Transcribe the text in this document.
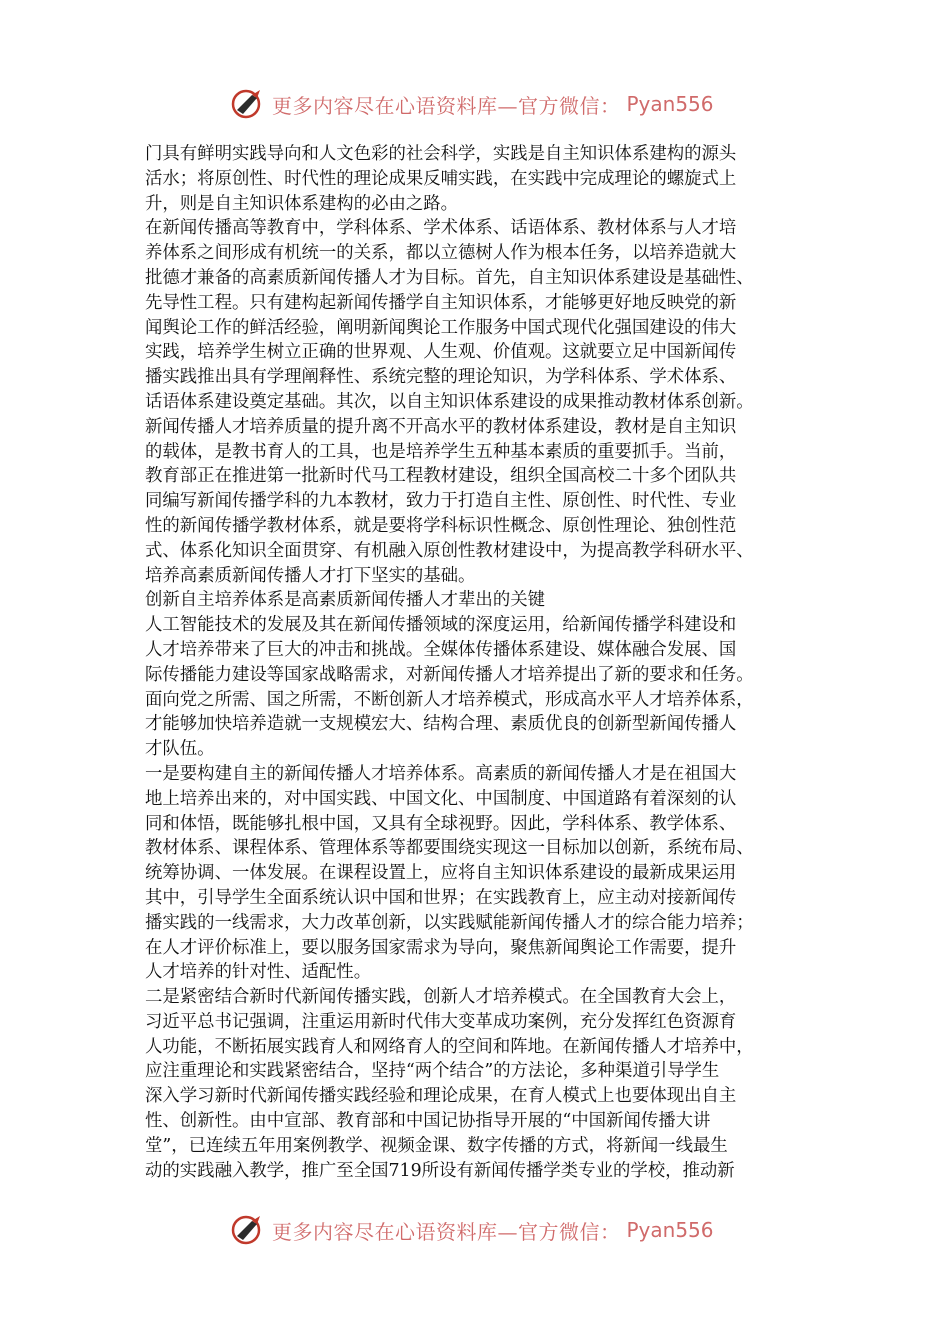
更多内容尽在心语资料库—官方微信： Pyan556
门具有鲜明实践导向和人文色彩的社会科学，实践是自主知识体系建构的源头
活水；将原创性、时代性的理论成果反哺实践，在实践中完成理论的螺旋式上
升，则是自主知识体系建构的必由之路。
在新闻传播高等教育中，学科体系、学术体系、话语体系、教材体系与人才培
养体系之间形成有机统一的关系，都以立德树人作为根本任务，以培养造就大
批德才兼备的高素质新闻传播人才为目标。首先，自主知识体系建设是基础性、
先导性工程。只有建构起新闻传播学自主知识体系，才能够更好地反映党的新
闻舆论工作的鲜活经验，阐明新闻舆论工作服务中国式现代化强国建设的伟大
实践，培养学生树立正确的世界观、人生观、价值观。这就要立足中国新闻传
播实践推出具有学理阐释性、系统完整的理论知识，为学科体系、学术体系、
话语体系建设奠定基础。其次，以自主知识体系建设的成果推动教材体系创新。
新闻传播人才培养质量的提升离不开高水平的教材体系建设，教材是自主知识
的载体，是教书育人的工具，也是培养学生五种基本素质的重要抓手。当前，
教育部正在推进第一批新时代马工程教材建设，组织全国高校二十多个团队共
同编写新闻传播学科的九本教材，致力于打造自主性、原创性、时代性、专业
性的新闻传播学教材体系，就是要将学科标识性概念、原创性理论、独创性范
式、体系化知识全面贯穿、有机融入原创性教材建设中，为提高教学科研水平、
培养高素质新闻传播人才打下坚实的基础。
创新自主培养体系是高素质新闻传播人才辈出的关键
人工智能技术的发展及其在新闻传播领域的深度运用，给新闻传播学科建设和
人才培养带来了巨大的冲击和挑战。全媒体传播体系建设、媒体融合发展、国
际传播能力建设等国家战略需求，对新闻传播人才培养提出了新的要求和任务。
面向党之所需、国之所需，不断创新人才培养模式，形成高水平人才培养体系，
才能够加快培养造就一支规模宏大、结构合理、素质优良的创新型新闻传播人
才队伍。
一是要构建自主的新闻传播人才培养体系。高素质的新闻传播人才是在祖国大
地上培养出来的，对中国实践、中国文化、中国制度、中国道路有着深刻的认
同和体悟，既能够扎根中国，又具有全球视野。因此，学科体系、教学体系、
教材体系、课程体系、管理体系等都要围绕实现这一目标加以创新，系统布局、
统筹协调、一体发展。在课程设置上，应将自主知识体系建设的最新成果运用
其中，引导学生全面系统认识中国和世界；在实践教育上，应主动对接新闻传
播实践的一线需求，大力改革创新，以实践赋能新闻传播人才的综合能力培养；
在人才评价标准上，要以服务国家需求为导向，聚焦新闻舆论工作需要，提升
人才培养的针对性、适配性。
二是紧密结合新时代新闻传播实践，创新人才培养模式。在全国教育大会上，
习近平总书记强调，注重运用新时代伟大变革成功案例，充分发挥红色资源育
人功能，不断拓展实践育人和网络育人的空间和阵地。在新闻传播人才培养中，
应注重理论和实践紧密结合，坚持“两个结合”的方法论，多种渠道引导学生
深入学习新时代新闻传播实践经验和理论成果，在育人模式上也要体现出自主
性、创新性。由中宣部、教育部和中国记协指导开展的“中国新闻传播大讲
堂”，已连续五年用案例教学、视频金课、数字传播的方式，将新闻一线最生
动的实践融入教学，推广至全国719所设有新闻传播学类专业的学校，推动新
更多内容尽在心语资料库—官方微信： Pyan556
